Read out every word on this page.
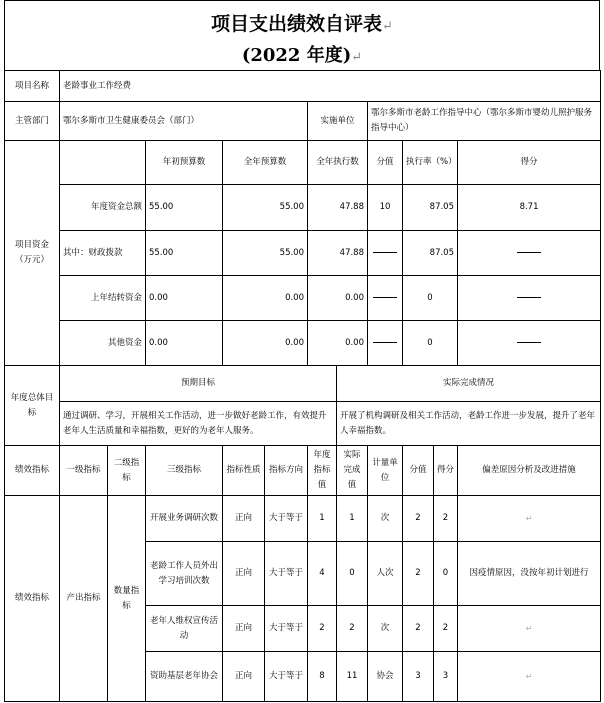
项目支出绩效自评表↵
(2022 年度)↵
项目名称	老龄事业工作经费										
主管部门	鄂尔多斯市卫生健康委员会（部门）					实施单位		鄂尔多斯市老龄工作指导中心（鄂尔多斯市婴幼儿照护服务指导中心）			
项目资金（万元）			年初预算数	全年预算数		全年执行数		分值	执行率（%）		得分
	年度资金总额		55.00	55.00		47.88		10	87.05		8.71
	其中：财政拨款		55.00	55.00		47.88			87.05		
	上年结转资金		0.00	0.00		0.00			0		
	其他资金		0.00	0.00		0.00			0		
年度总体目标	预期目标						实际完成情况				
	通过调研、学习，开展相关工作活动，进一步做好老龄工作，有效提升老年人生活质量和幸福指数，更好的为老年人服务。						开展了机构调研及相关工作活动，老龄工作进一步发展，提升了老年人幸福指数。				
绩效指标	一级指标	二级指标	三级指标	指标性质	指标方向	年度指标值	实际完成值	计量单位	分值	得分	偏差原因分析及改进措施
绩效指标	产出指标	数量指标	开展业务调研次数	正向	大于等于	1	1	次	2	2	↵
			老龄工作人员外出学习培训次数	正向	大于等于	4	0	人次	2	0	因疫情原因，没按年初计划进行
			老年人维权宣传活动	正向	大于等于	2	2	次	2	2	↵
			资助基层老年协会	正向	大于等于	8	11	协会	3	3	↵
